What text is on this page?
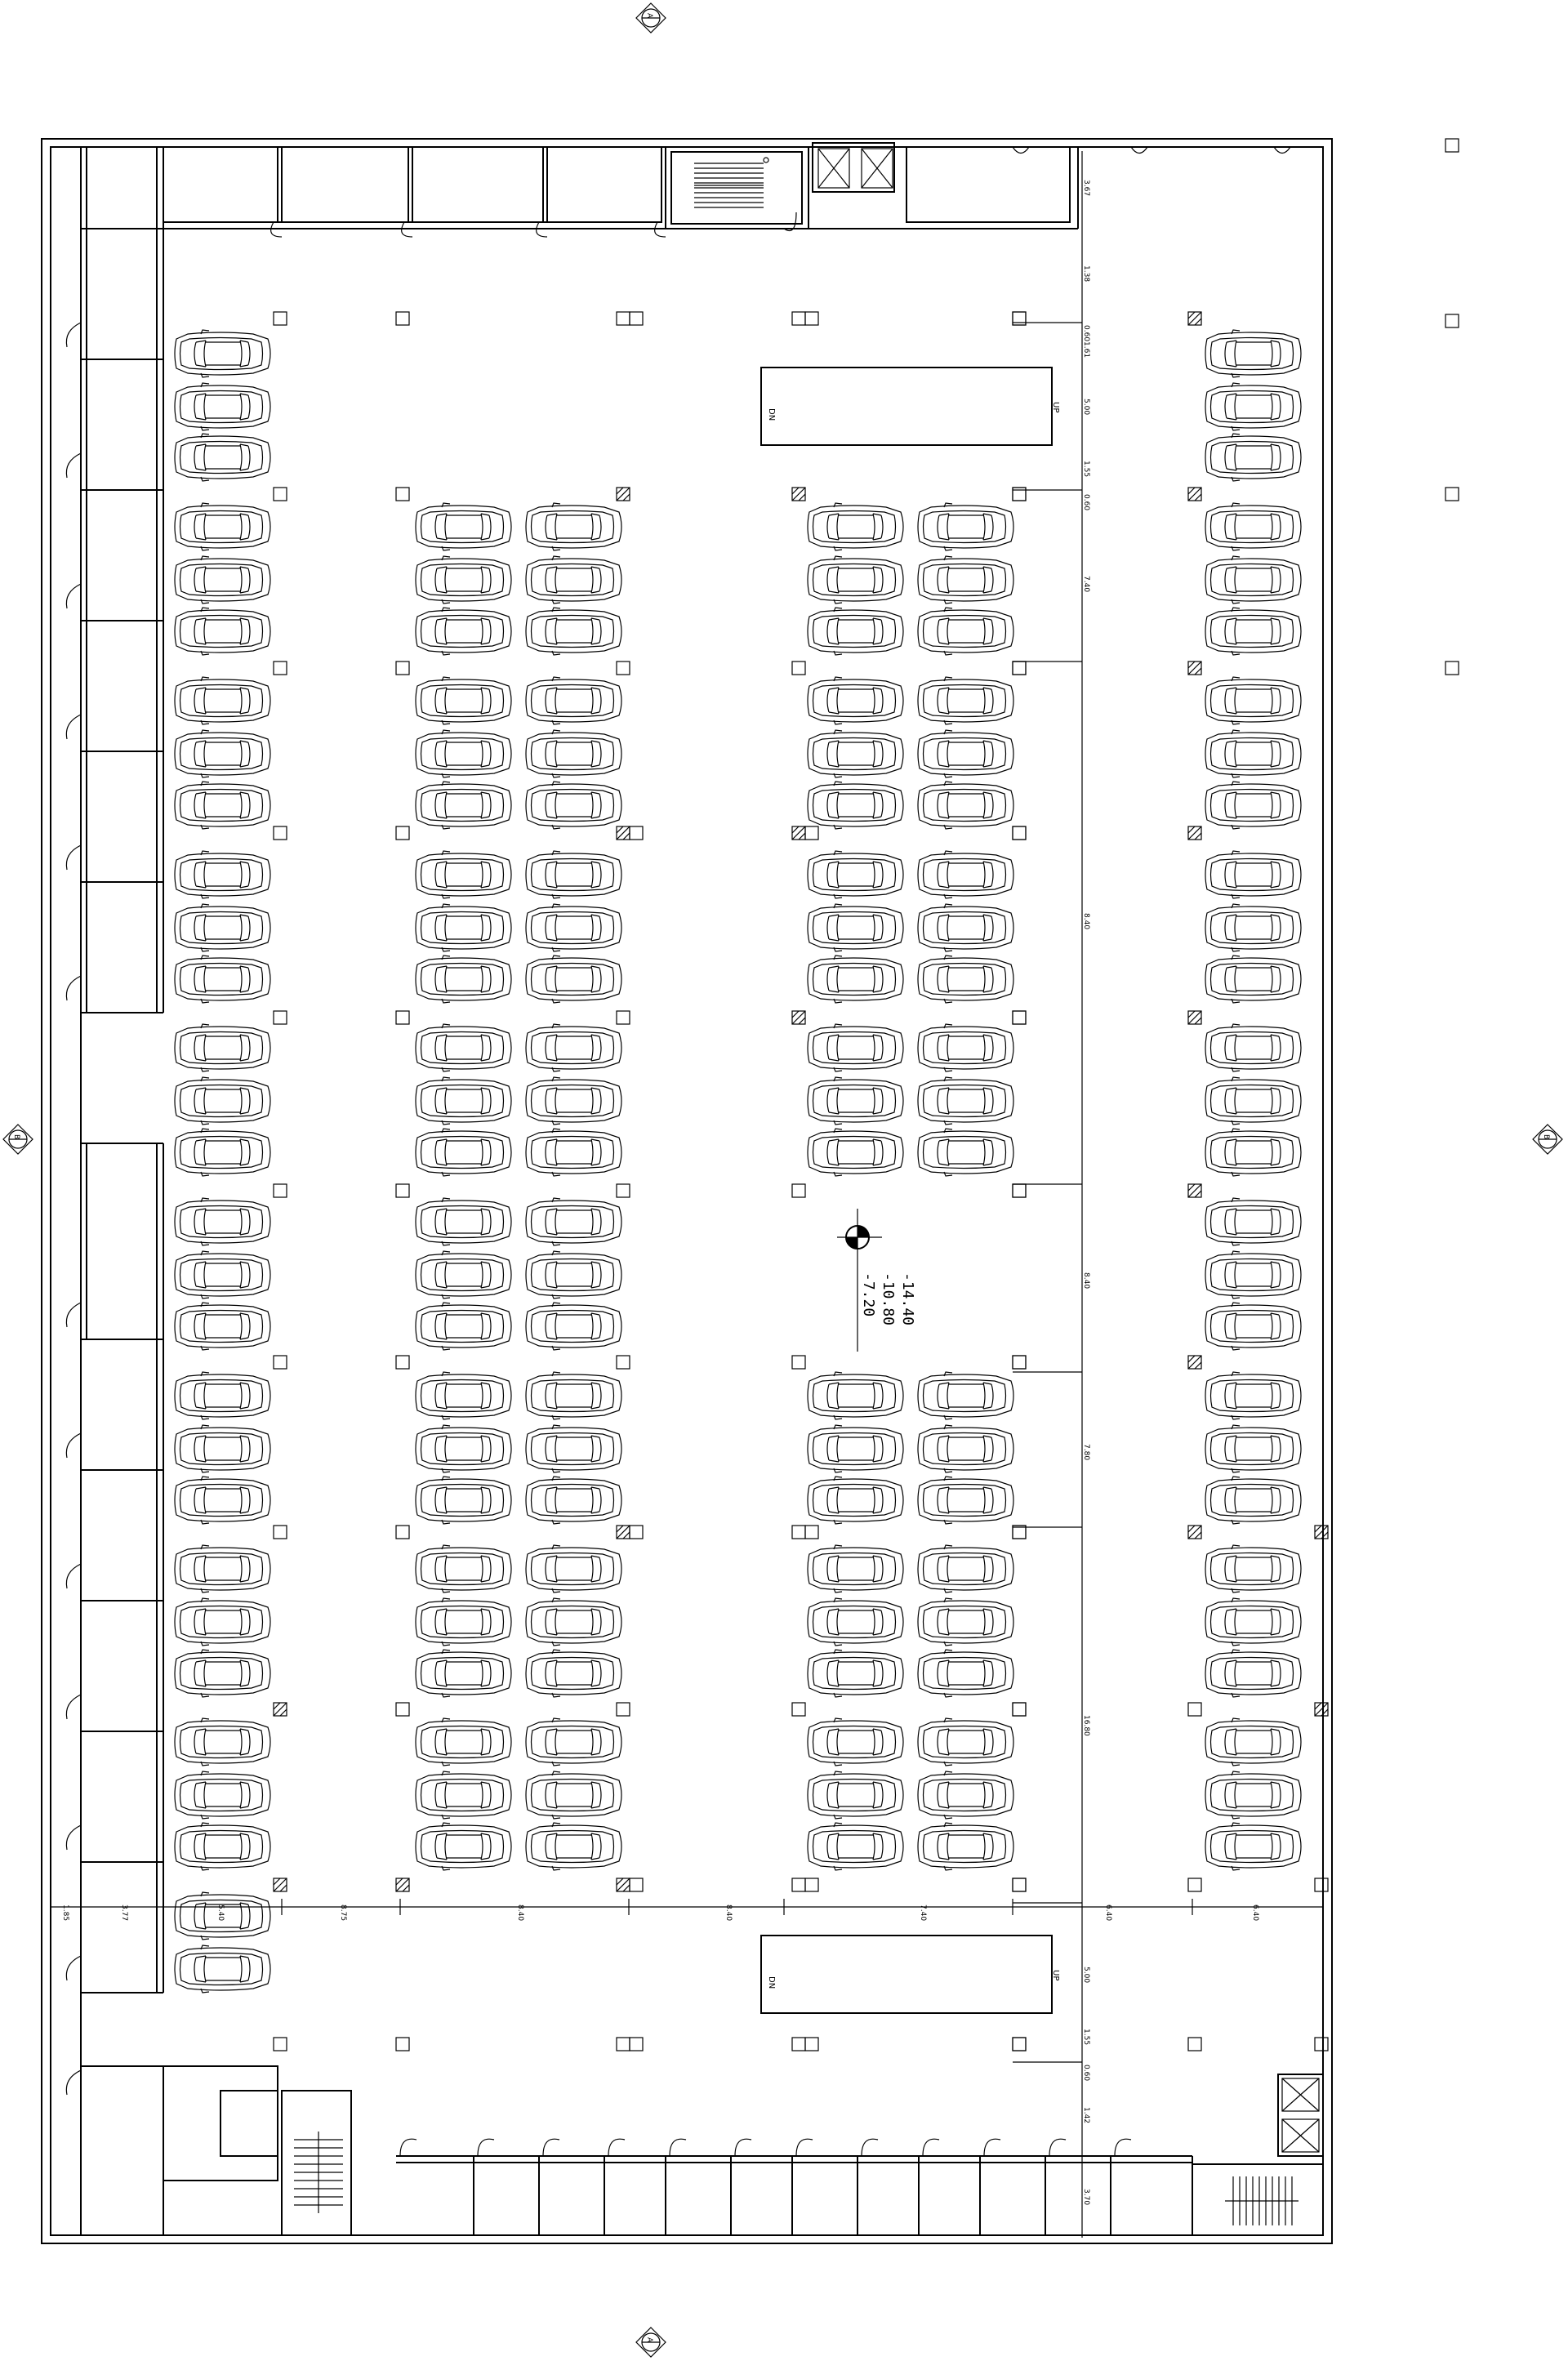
DN
UP
DN
UP
3.67
1.38
0.60
1.61
5.00
1.55
0.60
7.40
8.40
8.40
7.80
16.80
5.00
1.55
0.60
1.42
3.70
1.85	3.77	5.40	8.75	8.40	8.40	7.40	6.40	6.40
-7.20 -10.80 -14.40
A
A
B	B
